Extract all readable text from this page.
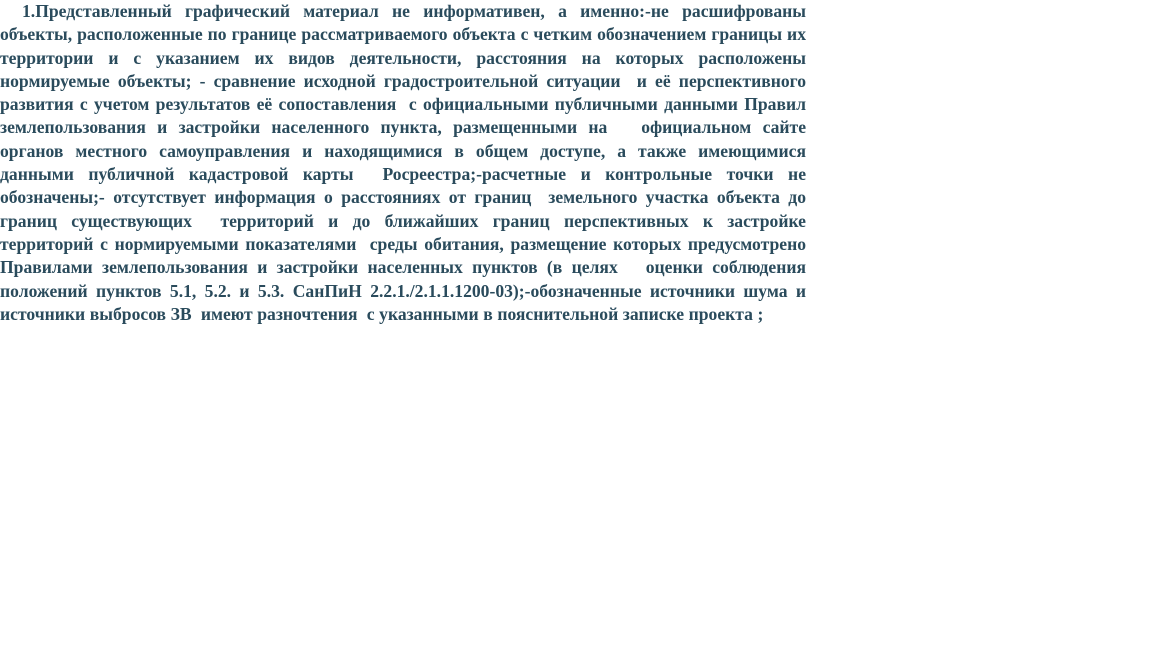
1.Представленный графический материал не информативен, а именно:-не расшифрованы объекты, расположенные по границе рассматриваемого объекта с четким обозначением границы их территории и с указанием их видов деятельности, расстояния на которых расположены нормируемые объекты; - сравнение исходной градостроительной ситуации  и её перспективного развития с учетом результатов её сопоставления  с официальными публичными данными Правил землепользования и застройки населенного пункта, размещенными на   официальном сайте органов местного самоуправления и находящимися в общем доступе, а также имеющимися данными публичной кадастровой карты  Росреестра;-расчетные и контрольные точки не обозначены;- отсутствует информация о расстояниях от границ  земельного участка объекта до границ существующих  территорий и до ближайших границ перспективных к застройке территорий с нормируемыми показателями  среды обитания, размещение которых предусмотрено Правилами землепользования и застройки населенных пунктов (в целях   оценки соблюдения положений пунктов 5.1, 5.2. и 5.3. СанПиН 2.2.1./2.1.1.1200-03);-обозначенные источники шума и источники выбросов ЗВ  имеют разночтения  с указанными в пояснительной записке проекта ;
